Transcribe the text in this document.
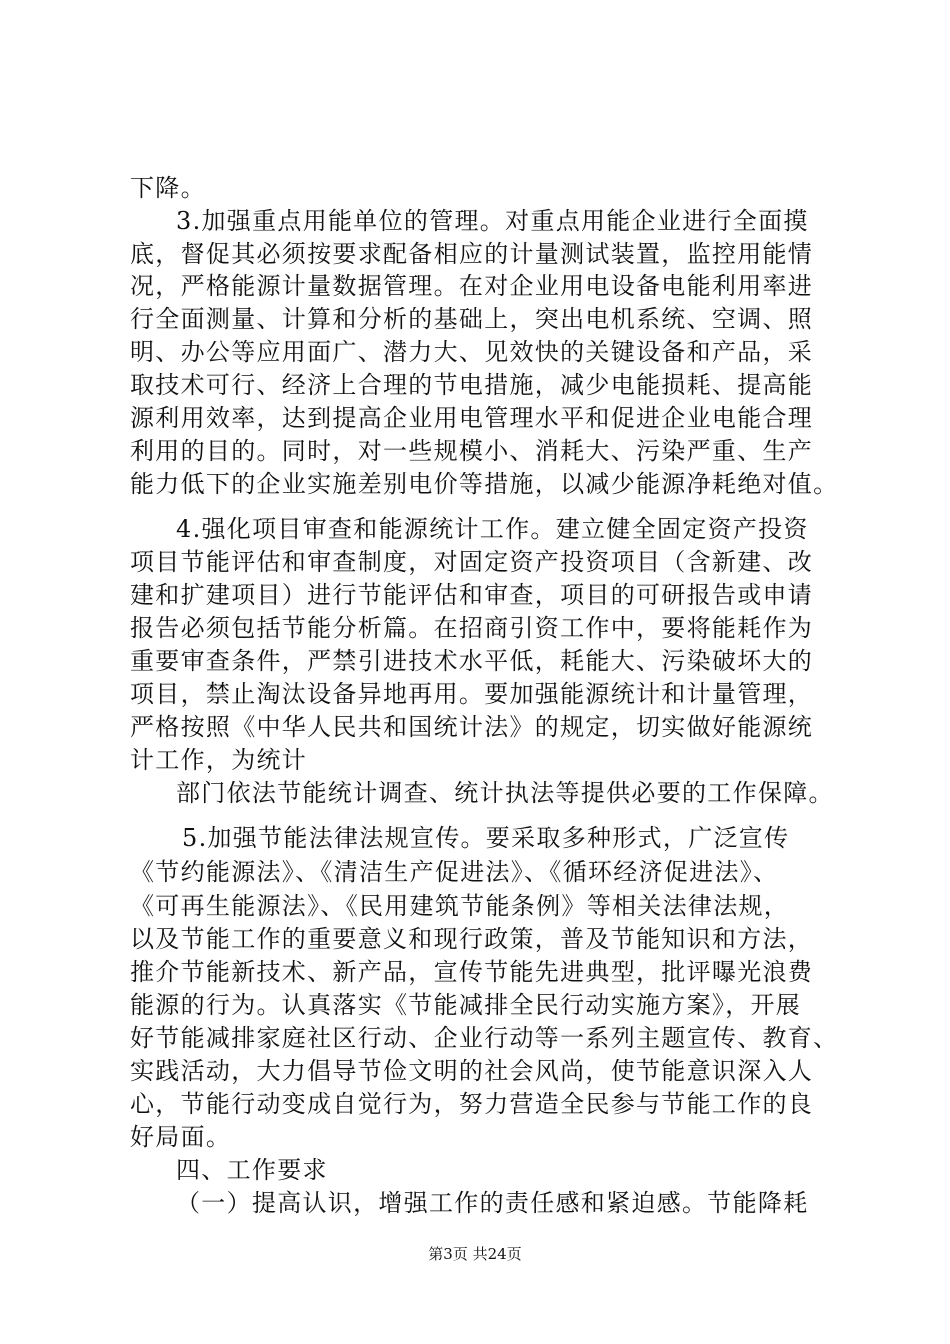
下降。
3.加强重点用能单位的管理。对重点用能企业进行全面摸
底，督促其必须按要求配备相应的计量测试装置，监控用能情
况，严格能源计量数据管理。在对企业用电设备电能利用率进
行全面测量、计算和分析的基础上，突出电机系统、空调、照
明、办公等应用面广、潜力大、见效快的关键设备和产品，采
取技术可行、经济上合理的节电措施，减少电能损耗、提高能
源利用效率，达到提高企业用电管理水平和促进企业电能合理
利用的目的。同时，对一些规模小、消耗大、污染严重、生产
能力低下的企业实施差别电价等措施，以减少能源净耗绝对值。
4.强化项目审查和能源统计工作。建立健全固定资产投资
项目节能评估和审查制度，对固定资产投资项目（含新建、改
建和扩建项目）进行节能评估和审查，项目的可研报告或申请
报告必须包括节能分析篇。在招商引资工作中，要将能耗作为
重要审查条件，严禁引进技术水平低，耗能大、污染破坏大的
项目，禁止淘汰设备异地再用。要加强能源统计和计量管理，
严格按照《中华人民共和国统计法》的规定，切实做好能源统
计工作，为统计
部门依法节能统计调查、统计执法等提供必要的工作保障。
5.加强节能法律法规宣传。要采取多种形式，广泛宣传
《节约能源法》、《清洁生产促进法》、《循环经济促进法》、
《可再生能源法》、《民用建筑节能条例》等相关法律法规，
以及节能工作的重要意义和现行政策，普及节能知识和方法，
推介节能新技术、新产品，宣传节能先进典型，批评曝光浪费
能源的行为。认真落实《节能减排全民行动实施方案》，开展
好节能减排家庭社区行动、企业行动等一系列主题宣传、教育、
实践活动，大力倡导节俭文明的社会风尚，使节能意识深入人
心，节能行动变成自觉行为，努力营造全民参与节能工作的良
好局面。
四、工作要求
（一）提高认识，增强工作的责任感和紧迫感。节能降耗
第3页 共24页
